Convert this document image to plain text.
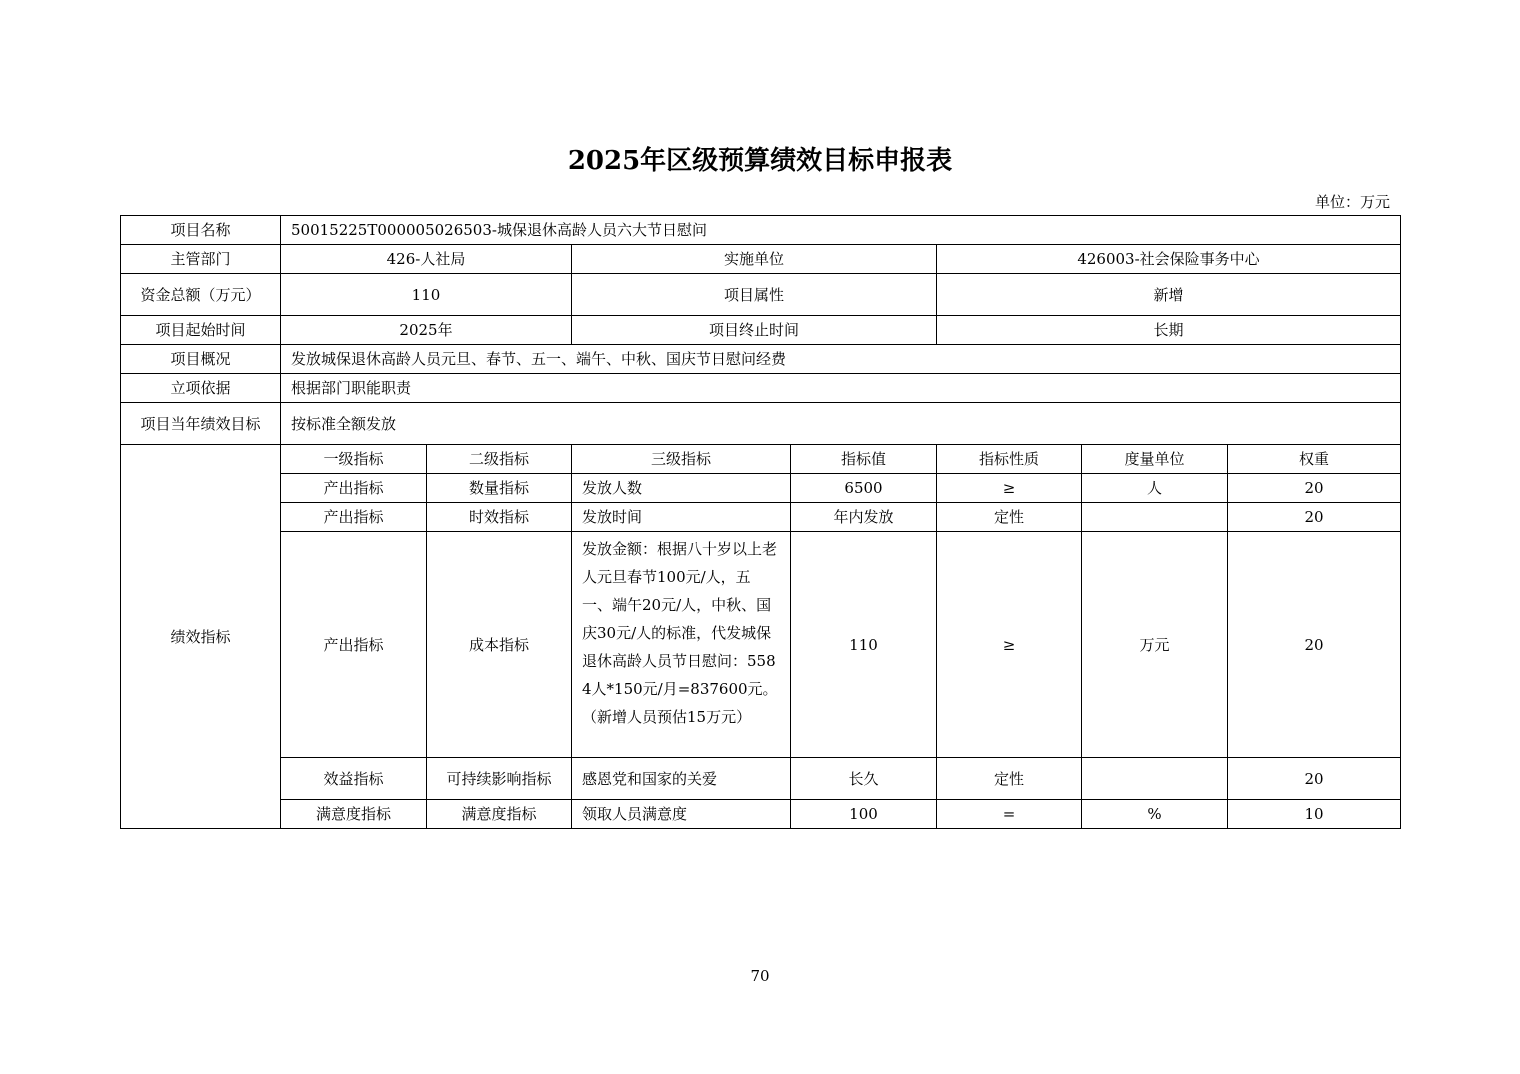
2025年区级预算绩效目标申报表
单位：万元
项目名称	50015225T000005026503-城保退休高龄人员六大节日慰问						
主管部门	426-人社局		实施单位		426003-社会保险事务中心		
资金总额（万元）	110		项目属性		新增		
项目起始时间	2025年		项目终止时间		长期		
项目概况	发放城保退休高龄人员元旦、春节、五一、端午、中秋、国庆节日慰问经费						
立项依据	根据部门职能职责						
项目当年绩效目标	按标准全额发放						
绩效指标	一级指标	二级指标	三级指标	指标值	指标性质	度量单位	权重
	产出指标	数量指标	发放人数	6500	≥	人	20
	产出指标	时效指标	发放时间	年内发放	定性		20
	产出指标	成本指标	发放金额：根据八十岁以上老人元旦春节100元/人，五一、端午20元/人，中秋、国庆30元/人的标准，代发城保退休高龄人员节日慰问：5584人*150元/月=837600元。（新增人员预估15万元）	110	≥	万元	20
	效益指标	可持续影响指标	感恩党和国家的关爱	长久	定性		20
	满意度指标	满意度指标	领取人员满意度	100	=	%	10
70
